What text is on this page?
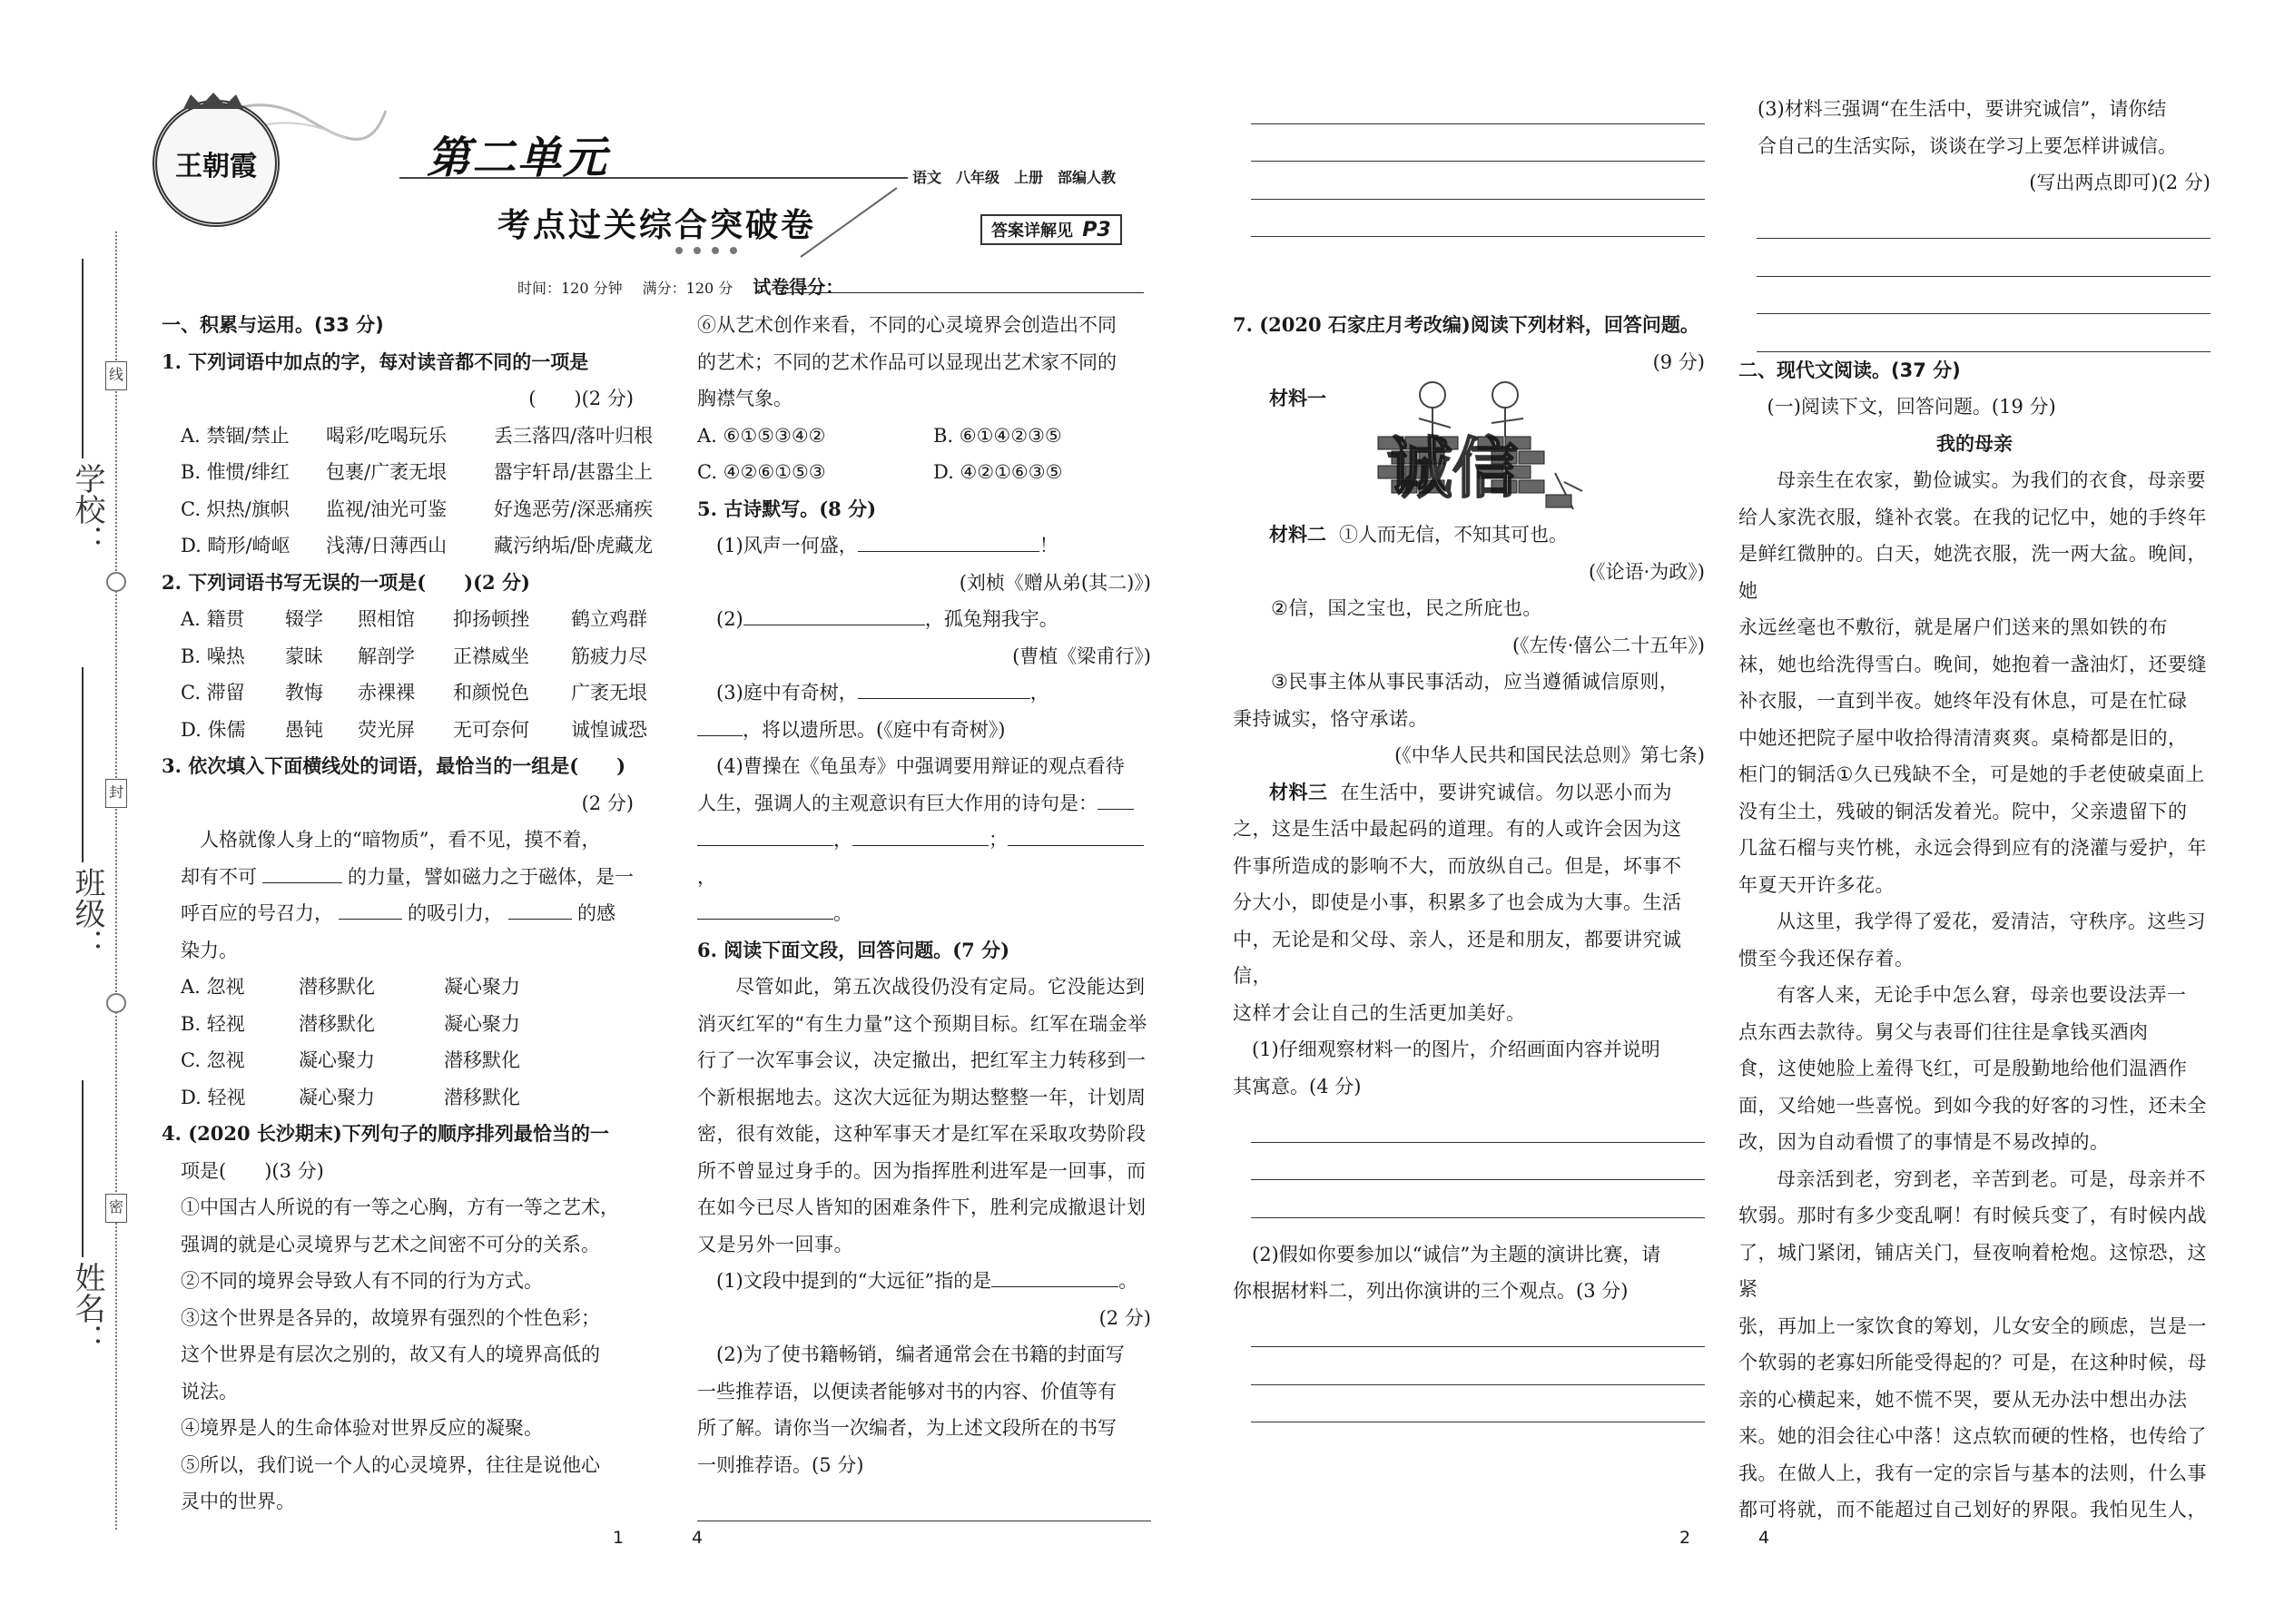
学校：
班级：
姓名：
线
封
密
王朝霞	第二单元	语文 八年级 上册 部编人教
考点过关综合突破卷	答案详解见 P3
时间：120 分钟 满分：120 分 试卷得分：

一、积累与运用。(33 分)

1. 下列词语中加点的字，每对读音都不同的一项是

(　　)(2 分)

A. 禁锢/禁止	喝彩/吃喝玩乐	丢三落四/落叶归根
B. 惟惯/绯红	包裹/广袤无垠	嚣宇轩昂/甚嚣尘上
C. 炽热/旗帜	监视/油光可鉴	好逸恶劳/深恶痛疾
D. 畸形/崎岖	浅薄/日薄西山	藏污纳垢/卧虎藏龙

2. 下列词语书写无误的一项是(　　)(2 分)

A. 籍贯	辍学	照相馆	抑扬顿挫	鹤立鸡群
B. 噪热	蒙昧	解剖学	正襟威坐	筋疲力尽
C. 滞留	教悔	赤裸裸	和颜悦色	广袤无垠
D. 侏儒	愚钝	荧光屏	无可奈何	诚惶诚恐

3. 依次填入下面横线处的词语，最恰当的一组是(　　)

(2 分)

人格就像人身上的“暗物质”，看不见，摸不着，

却有不可	的力量，譬如磁力之于磁体，是一

呼百应的号召力，	的吸引力，	的感

染力。

A. 忽视	潜移默化	凝心聚力
B. 轻视	潜移默化	凝心聚力
C. 忽视	凝心聚力	潜移默化
D. 轻视	凝心聚力	潜移默化

4. (2020 长沙期末)下列句子的顺序排列最恰当的一

项是(　　)(3 分)

①中国古人所说的有一等之心胸，方有一等之艺术，

强调的就是心灵境界与艺术之间密不可分的关系。

②不同的境界会导致人有不同的行为方式。

③这个世界是各异的，故境界有强烈的个性色彩；

这个世界是有层次之别的，故又有人的境界高低的

说法。

④境界是人的生命体验对世界反应的凝聚。

⑤所以，我们说一个人的心灵境界，往往是说他心

灵中的世界。

⑥从艺术创作来看，不同的心灵境界会创造出不同

的艺术；不同的艺术作品可以显现出艺术家不同的

胸襟气象。

A. ⑥①⑤③④②	B. ⑥①④②③⑤
C. ④②⑥①⑤③	D. ④②①⑥③⑤

5. 古诗默写。(8 分)

(1)风声一何盛，	！

(刘桢《赠从弟(其二)》)

(2)	，孤兔翔我宇。

(曹植《梁甫行》)

(3)庭中有奇树，	，

，将以遗所思。(《庭中有奇树》)

(4)曹操在《龟虽寿》中强调要用辩证的观点看待

人生，强调人的主观意识有巨大作用的诗句是：

，	；，

。

6. 阅读下面文段，回答问题。(7 分)

尽管如此，第五次战役仍没有定局。它没能达到

消灭红军的“有生力量”这个预期目标。红军在瑞金举

行了一次军事会议，决定撤出，把红军主力转移到一

个新根据地去。这次大远征为期达整整一年，计划周

密，很有效能，这种军事天才是红军在采取攻势阶段

所不曾显过身手的。因为指挥胜利进军是一回事，而

在如今已尽人皆知的困难条件下，胜利完成撤退计划

又是另外一回事。

(1)文段中提到的“大远征”指的是	。

(2 分)

(2)为了使书籍畅销，编者通常会在书籍的封面写

一些推荐语，以便读者能够对书的内容、价值等有

所了解。请你当一次编者，为上述文段所在的书写

一则推荐语。(5 分)

7. (2020 石家庄月考改编)阅读下列材料，回答问题。

(9 分)

材料一
诚信

材料二 ①人而无信，不知其可也。

(《论语·为政》)

②信，国之宝也，民之所庇也。

(《左传·僖公二十五年》)

③民事主体从事民事活动，应当遵循诚信原则，

秉持诚实，恪守承诺。

(《中华人民共和国民法总则》第七条)

材料三 在生活中，要讲究诚信。勿以恶小而为

之，这是生活中最起码的道理。有的人或许会因为这

件事所造成的影响不大，而放纵自己。但是，坏事不

分大小，即使是小事，积累多了也会成为大事。生活

中，无论是和父母、亲人，还是和朋友，都要讲究诚信，

这样才会让自己的生活更加美好。

(1)仔细观察材料一的图片，介绍画面内容并说明

其寓意。(4 分)

(2)假如你要参加以“诚信”为主题的演讲比赛，请

你根据材料二，列出你演讲的三个观点。(3 分)

(3)材料三强调“在生活中，要讲究诚信”，请你结

合自己的生活实际，谈谈在学习上要怎样讲诚信。

(写出两点即可)(2 分)

二、现代文阅读。(37 分)

(一)阅读下文，回答问题。(19 分)

我的母亲

母亲生在农家，勤俭诚实。为我们的衣食，母亲要

给人家洗衣服，缝补衣裳。在我的记忆中，她的手终年

是鲜红微肿的。白天，她洗衣服，洗一两大盆。晚间，她

永远丝毫也不敷衍，就是屠户们送来的黑如铁的布

袜，她也给洗得雪白。晚间，她抱着一盏油灯，还要缝

补衣服，一直到半夜。她终年没有休息，可是在忙碌

中她还把院子屋中收拾得清清爽爽。桌椅都是旧的，

柜门的铜活①久已残缺不全，可是她的手老使破桌面上

没有尘土，残破的铜活发着光。院中，父亲遗留下的

几盆石榴与夹竹桃，永远会得到应有的浇灌与爱护，年

年夏天开许多花。

从这里，我学得了爱花，爱清洁，守秩序。这些习

惯至今我还保存着。

有客人来，无论手中怎么窘，母亲也要设法弄一

点东西去款待。舅父与表哥们往往是拿钱买酒肉

食，这使她脸上羞得飞红，可是殷勤地给他们温酒作

面，又给她一些喜悦。到如今我的好客的习性，还未全

改，因为自动看惯了的事情是不易改掉的。

母亲活到老，穷到老，辛苦到老。可是，母亲并不

软弱。那时有多少变乱啊！有时候兵变了，有时候内战

了，城门紧闭，铺店关门，昼夜响着枪炮。这惊恐，这紧

张，再加上一家饮食的筹划，儿女安全的顾虑，岂是一

个软弱的老寡妇所能受得起的？可是，在这种时候，母

亲的心横起来，她不慌不哭，要从无办法中想出办法

来。她的泪会往心中落！这点软而硬的性格，也传给了

我。在做人上，我有一定的宗旨与基本的法则，什么事

都可将就，而不能超过自己划好的界限。我怕见生人，

1	4	2	4
